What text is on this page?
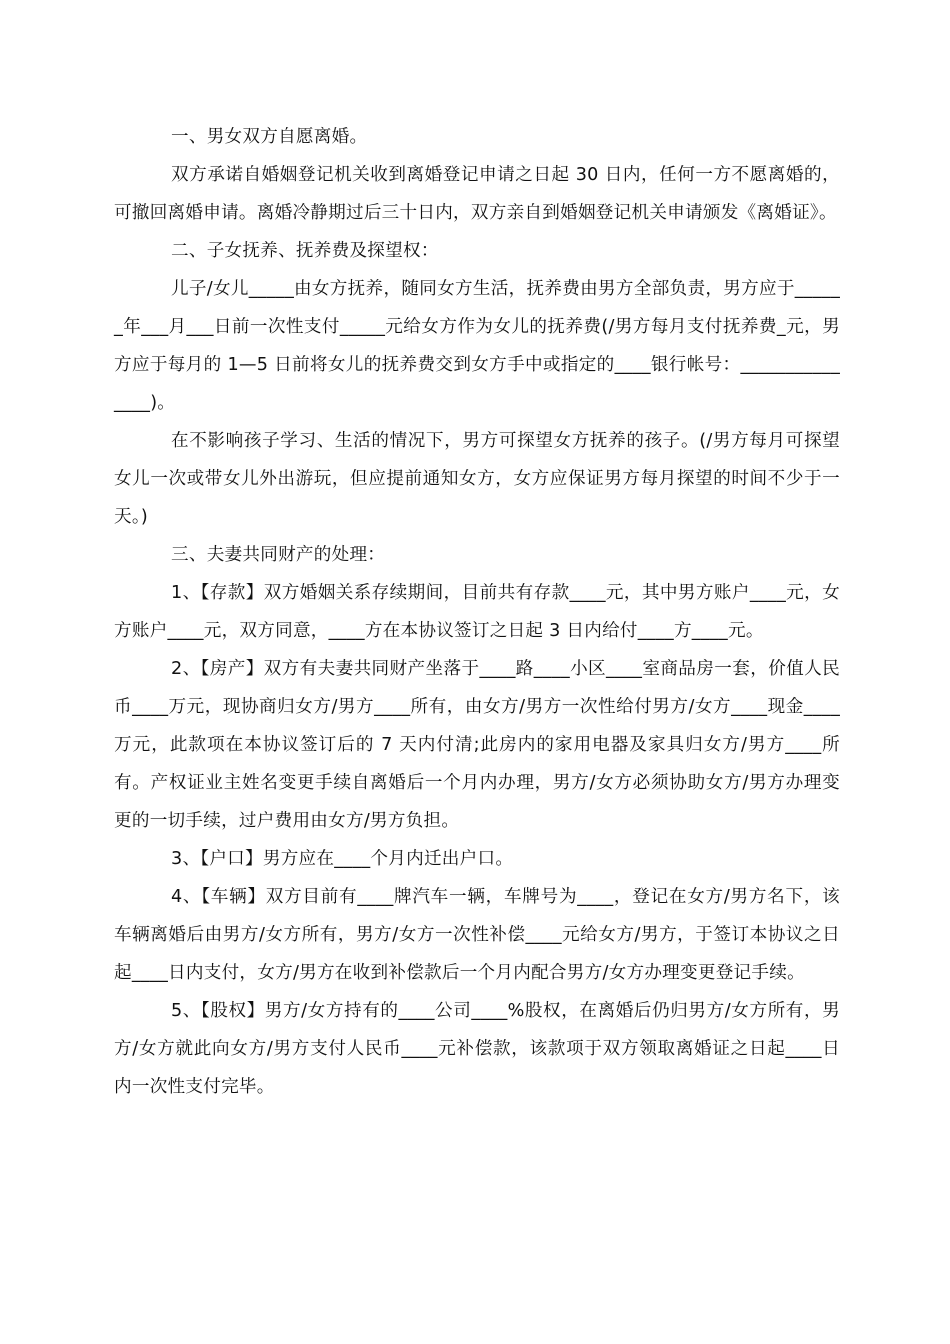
一、男女双方自愿离婚。

双方承诺自婚姻登记机关收到离婚登记申请之日起 30 日内，任何一方不愿离婚的，可撤回离婚申请。离婚冷静期过后三十日内，双方亲自到婚姻登记机关申请颁发《离婚证》。

二、子女抚养、抚养费及探望权：

儿子/女儿_____由女方抚养，随同女方生活，抚养费由男方全部负责，男方应于______年___月___日前一次性支付_____元给女方作为女儿的抚养费(/男方每月支付抚养费_元，男方应于每月的 1—5 日前将女儿的抚养费交到女方手中或指定的____银行帐号：_______________)。

在不影响孩子学习、生活的情况下，男方可探望女方抚养的孩子。(/男方每月可探望女儿一次或带女儿外出游玩，但应提前通知女方，女方应保证男方每月探望的时间不少于一天。)

三、夫妻共同财产的处理：

1、【存款】双方婚姻关系存续期间，目前共有存款____元，其中男方账户____元，女方账户____元，双方同意，____方在本协议签订之日起 3 日内给付____方____元。

2、【房产】双方有夫妻共同财产坐落于____路____小区____室商品房一套，价值人民币____万元，现协商归女方/男方____所有，由女方/男方一次性给付男方/女方____现金____万元，此款项在本协议签订后的 7 天内付清;此房内的家用电器及家具归女方/男方____所有。产权证业主姓名变更手续自离婚后一个月内办理，男方/女方必须协助女方/男方办理变更的一切手续，过户费用由女方/男方负担。

3、【户口】男方应在____个月内迁出户口。

4、【车辆】双方目前有____牌汽车一辆，车牌号为____，登记在女方/男方名下，该车辆离婚后由男方/女方所有，男方/女方一次性补偿____元给女方/男方，于签订本协议之日起____日内支付，女方/男方在收到补偿款后一个月内配合男方/女方办理变更登记手续。

5、【股权】男方/女方持有的____公司____%股权，在离婚后仍归男方/女方所有，男方/女方就此向女方/男方支付人民币____元补偿款，该款项于双方领取离婚证之日起____日内一次性支付完毕。
